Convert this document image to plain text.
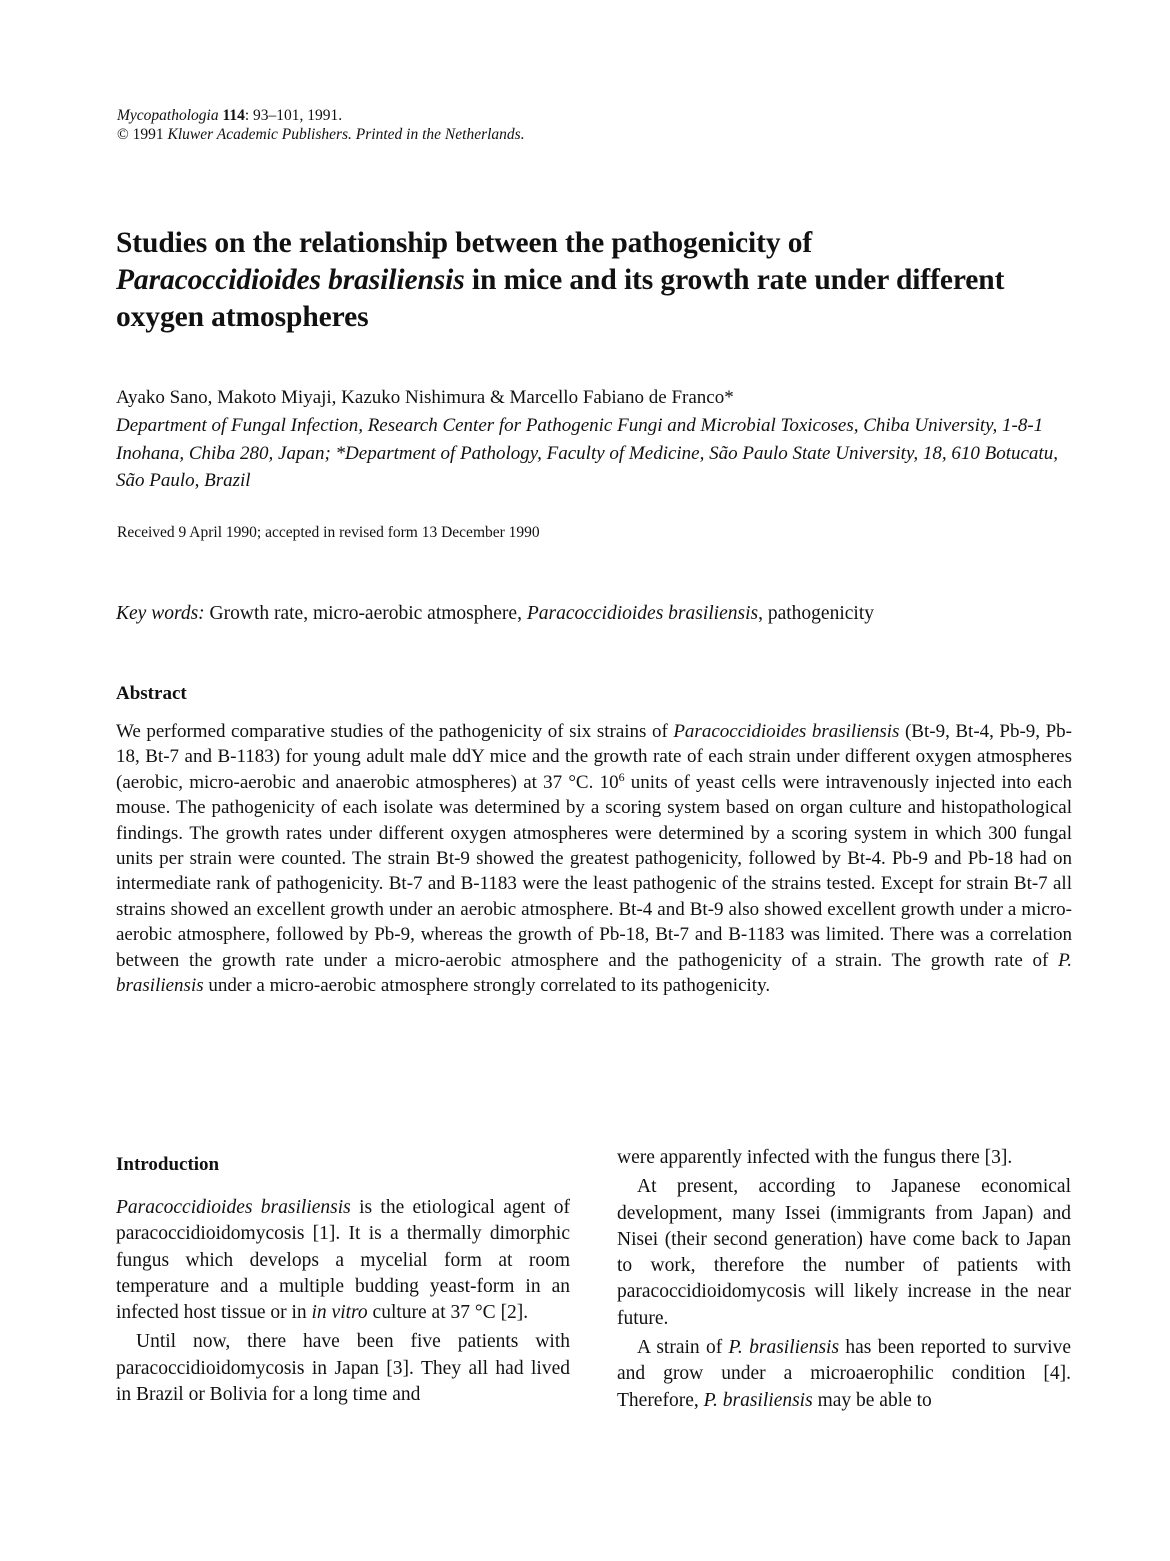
Mycopathologia 114: 93–101, 1991.
© 1991 Kluwer Academic Publishers. Printed in the Netherlands.
Studies on the relationship between the pathogenicity of
Paracoccidioides brasiliensis in mice and its growth rate under different oxygen atmospheres
Ayako Sano, Makoto Miyaji, Kazuko Nishimura & Marcello Fabiano de Franco*
Department of Fungal Infection, Research Center for Pathogenic Fungi and Microbial Toxicoses, Chiba University, 1-8-1 Inohana, Chiba 280, Japan; *Department of Pathology, Faculty of Medicine, São Paulo State University, 18, 610 Botucatu, São Paulo, Brazil
Received 9 April 1990; accepted in revised form 13 December 1990
Key words: Growth rate, micro-aerobic atmosphere, Paracoccidioides brasiliensis, pathogenicity
Abstract

We performed comparative studies of the pathogenicity of six strains of Paracoccidioides brasiliensis (Bt-9, Bt-4, Pb-9, Pb-18, Bt-7 and B-1183) for young adult male ddY mice and the growth rate of each strain under different oxygen atmospheres (aerobic, micro-aerobic and anaerobic atmospheres) at 37 °C. $10^6$ units of yeast cells were intravenously injected into each mouse. The pathogenicity of each isolate was determined by a scoring system based on organ culture and histopathological findings. The growth rates under different oxygen atmospheres were determined by a scoring system in which 300 fungal units per strain were counted. The strain Bt-9 showed the greatest pathogenicity, followed by Bt-4. Pb-9 and Pb-18 had on intermediate rank of pathogenicity. Bt-7 and B-1183 were the least pathogenic of the strains tested. Except for strain Bt-7 all strains showed an excellent growth under an aerobic atmosphere. Bt-4 and Bt-9 also showed excellent growth under a micro-aerobic atmosphere, followed by Pb-9, whereas the growth of Pb-18, Bt-7 and B-1183 was limited. There was a correlation between the growth rate under a micro-aerobic atmosphere and the pathogenicity of a strain. The growth rate of P. brasiliensis under a micro-aerobic atmosphere strongly correlated to its pathogenicity.

Introduction

Paracoccidioides brasiliensis is the etiological agent of paracoccidioidomycosis [1]. It is a thermally dimorphic fungus which develops a mycelial form at room temperature and a multiple budding yeast-form in an infected host tissue or in in vitro culture at 37 °C [2].

Until now, there have been five patients with paracoccidioidomycosis in Japan [3]. They all had lived in Brazil or Bolivia for a long time and

were apparently infected with the fungus there [3].

At present, according to Japanese economical development, many Issei (immigrants from Japan) and Nisei (their second generation) have come back to Japan to work, therefore the number of patients with paracoccidioidomycosis will likely increase in the near future.

A strain of P. brasiliensis has been reported to survive and grow under a microaerophilic condition [4]. Therefore, P. brasiliensis may be able to
